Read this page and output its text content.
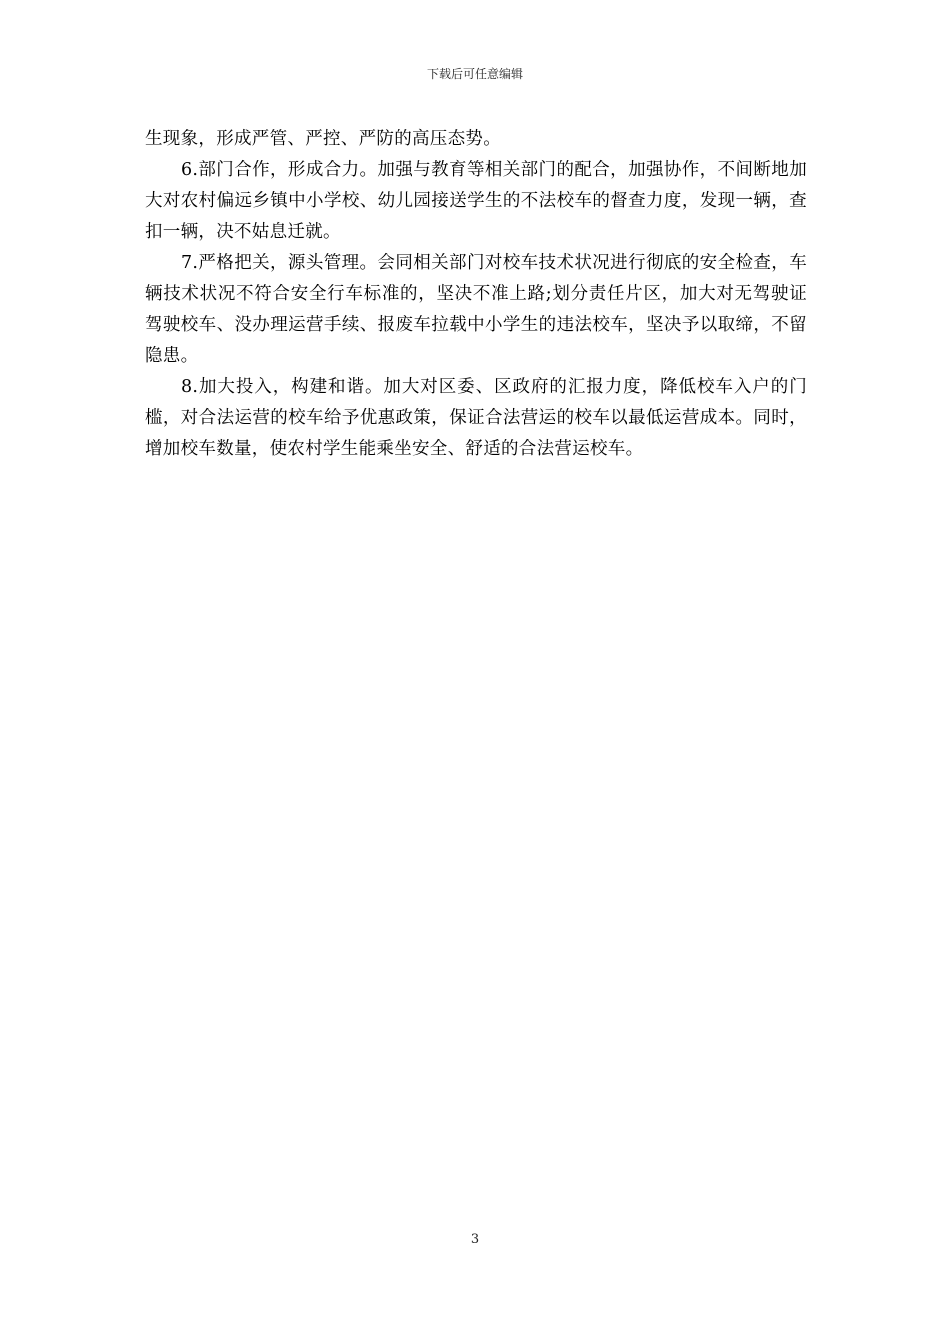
下载后可任意编辑

生现象，形成严管、严控、严防的高压态势。

6.部门合作，形成合力。加强与教育等相关部门的配合，加强协作，不间断地加大对农村偏远乡镇中小学校、幼儿园接送学生的不法校车的督查力度，发现一辆，查扣一辆，决不姑息迁就。

7.严格把关，源头管理。会同相关部门对校车技术状况进行彻底的安全检查，车辆技术状况不符合安全行车标准的，坚决不准上路;划分责任片区，加大对无驾驶证驾驶校车、没办理运营手续、报废车拉载中小学生的违法校车，坚决予以取缔，不留隐患。

8.加大投入，构建和谐。加大对区委、区政府的汇报力度，降低校车入户的门槛，对合法运营的校车给予优惠政策，保证合法营运的校车以最低运营成本。同时，增加校车数量，使农村学生能乘坐安全、舒适的合法营运校车。

3
